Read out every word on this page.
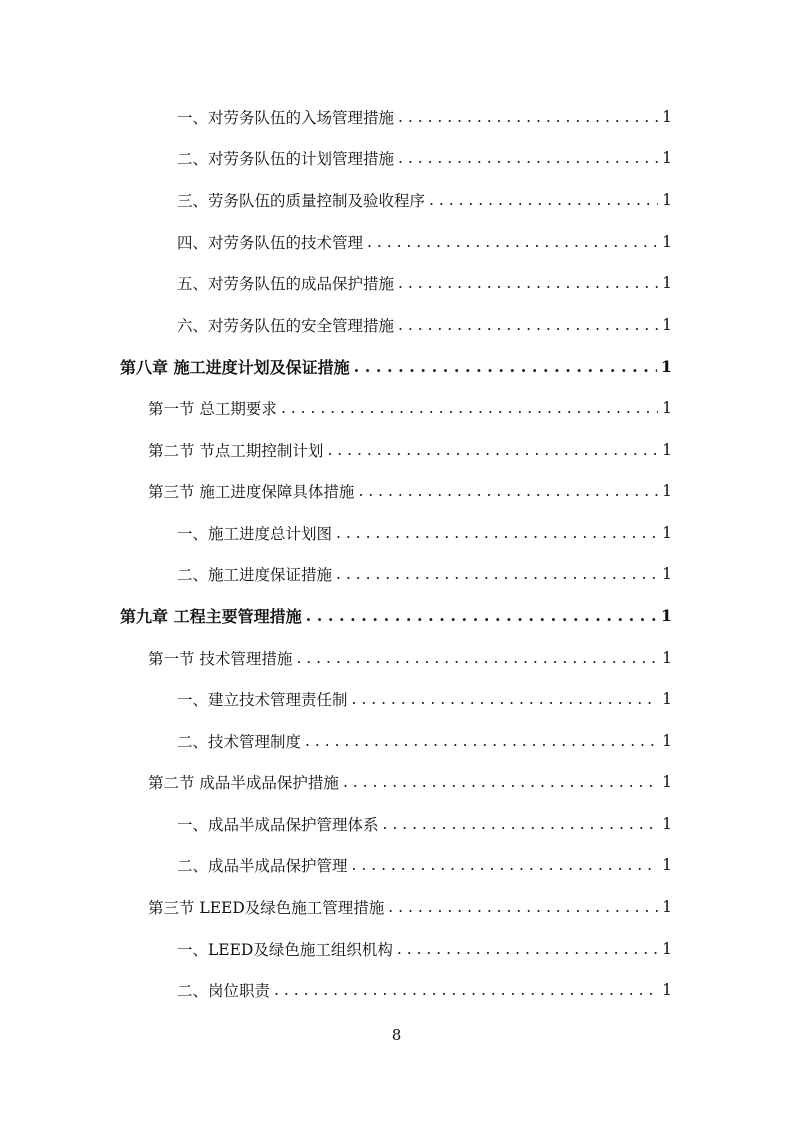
一、对劳务队伍的入场管理措施 . . .	1
二、对劳务队伍的计划管理措施 . . .	1
三、劳务队伍的质量控制及验收程序 . . .	1
四、对劳务队伍的技术管理 . . .	1
五、对劳务队伍的成品保护措施 . . .	1
六、对劳务队伍的安全管理措施 . . .	1
第八章 施工进度计划及保证措施 . . .	1
第一节 总工期要求 . . .	1
第二节 节点工期控制计划 . . .	1
第三节 施工进度保障具体措施 . . .	1
一、施工进度总计划图 . . .	1
二、施工进度保证措施 . . .	1
第九章 工程主要管理措施 . . .	1
第一节 技术管理措施 . . .	1
一、建立技术管理责任制 . . .	1
二、技术管理制度 . . .	1
第二节 成品半成品保护措施 . . .	1
一、成品半成品保护管理体系 . . .	1
二、成品半成品保护管理 . . .	1
第三节 LEED及绿色施工管理措施 . . .	1
一、LEED及绿色施工组织机构 . . .	1
二、岗位职责 . . .	1
8
